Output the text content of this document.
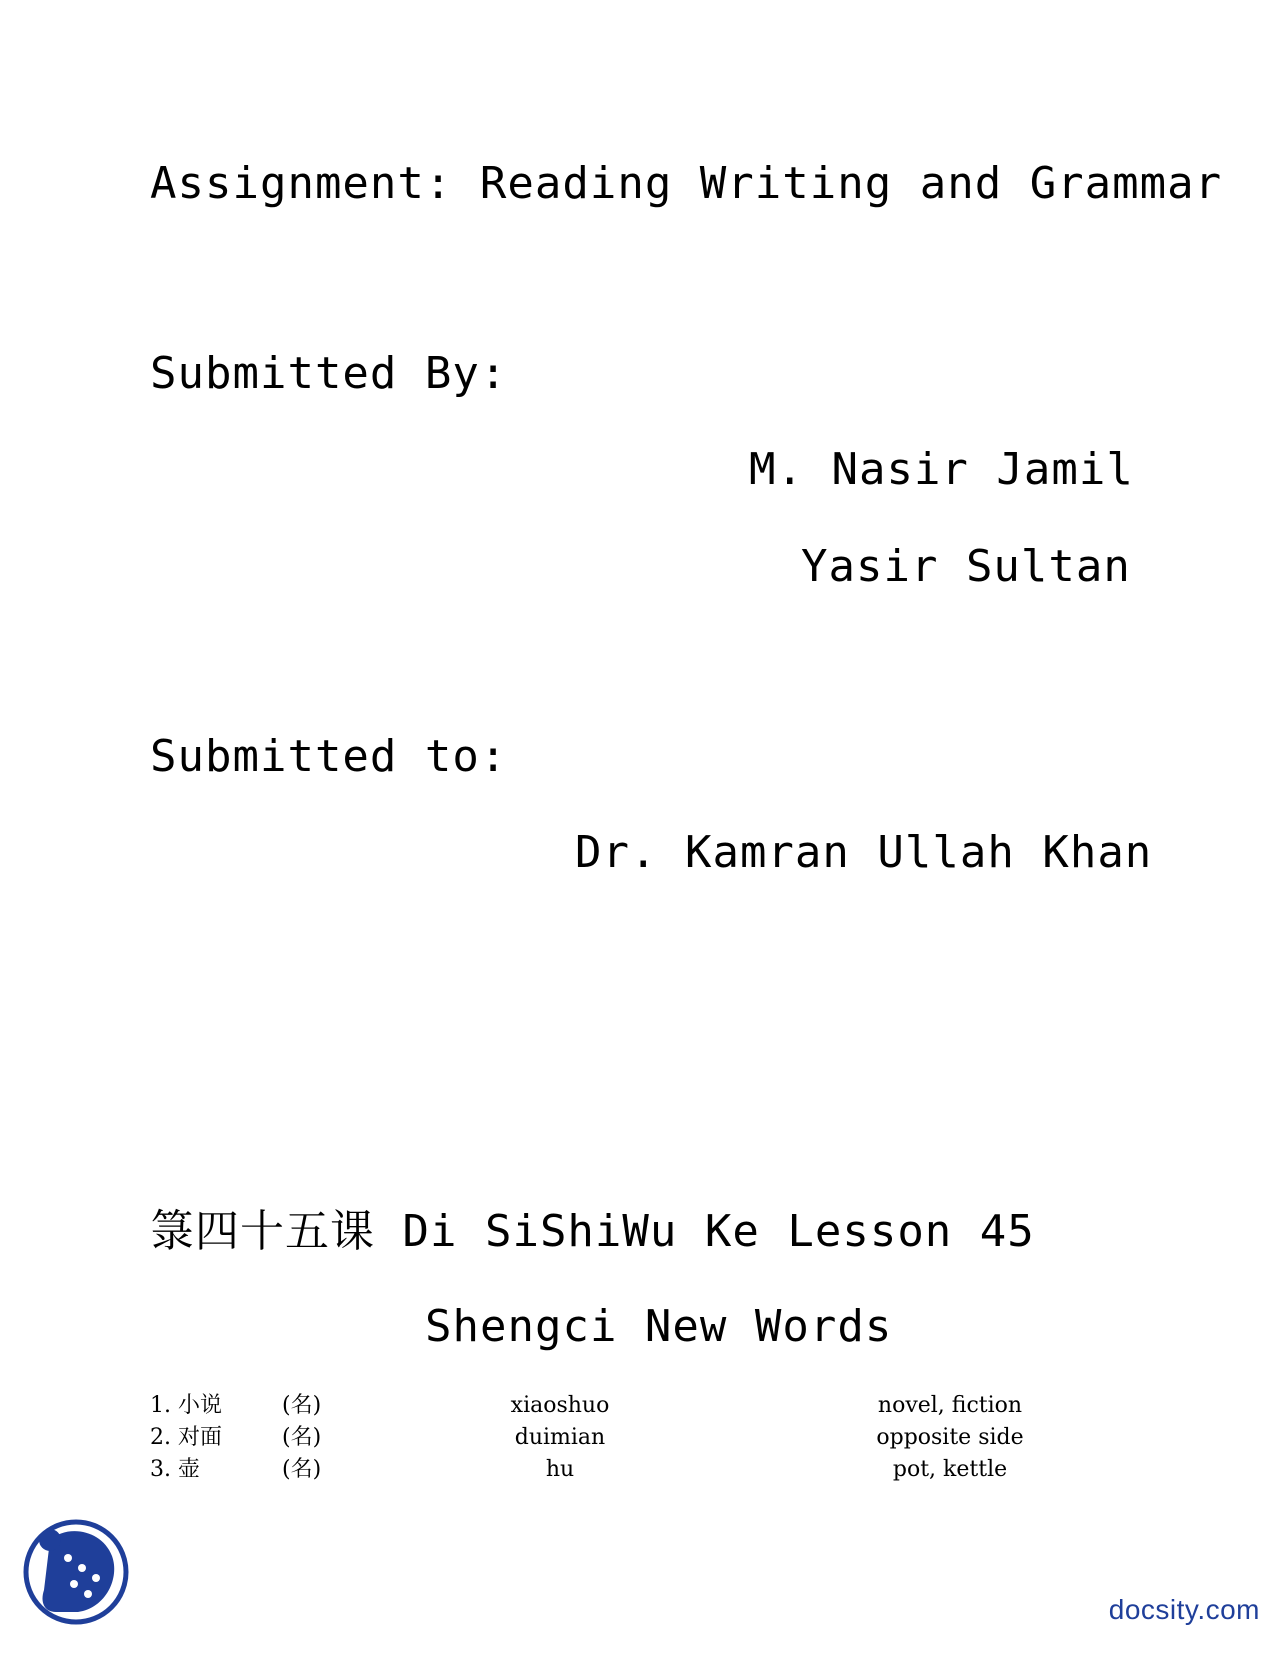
Assignment: Reading Writing and Grammar
Submitted By:
M. Nasir Jamil
Yasir Sultan
Submitted to:
Dr. Kamran Ullah Khan
箓四十五课 Di SiShiWu Ke Lesson 45
Shengci New Words
1. 小说	(名)	xiaoshuo	novel, fiction
2. 对面	(名)	duimian	opposite side
3. 壶	(名)	hu	pot, kettle
docsity.com
